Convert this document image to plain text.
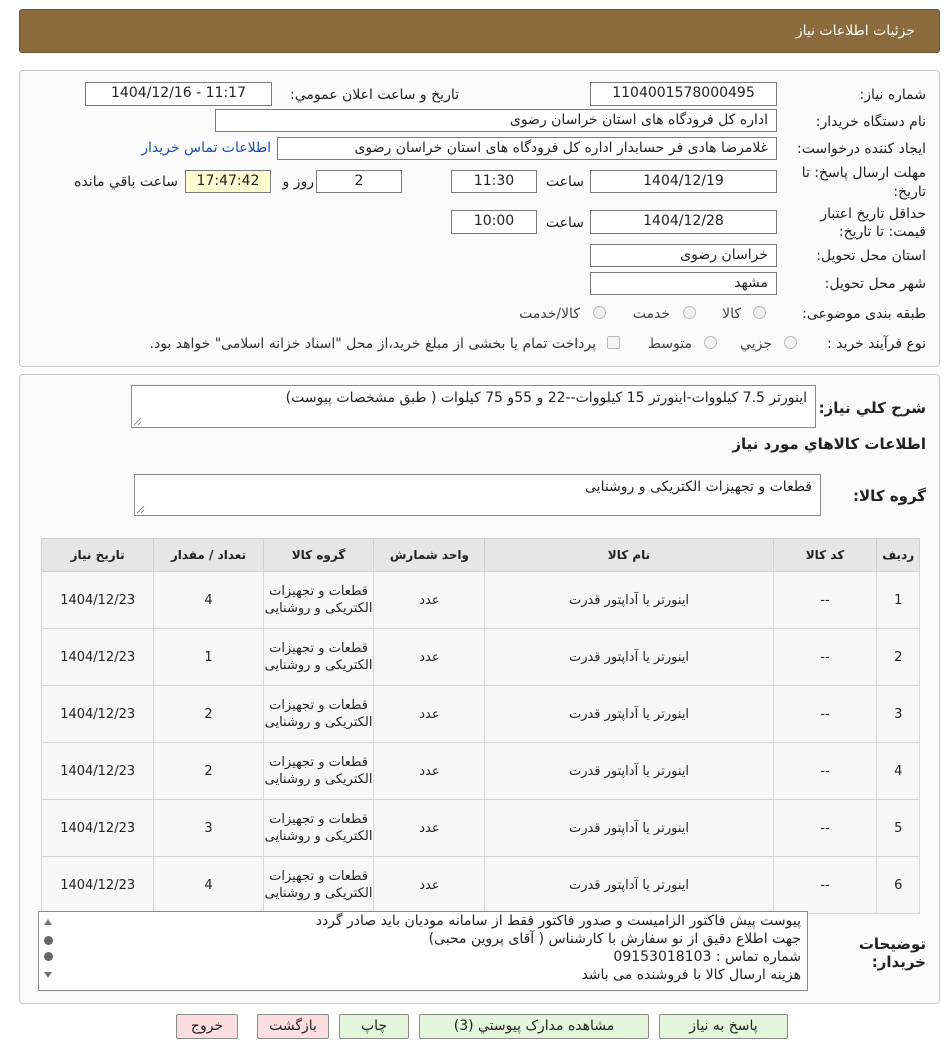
جزئيات اطلاعات نياز
شماره نياز:
1104001578000495
تاريخ و ساعت اعلان عمومي:
1404/12/16 - 11:17
نام دستگاه خريدار:
اداره کل فرودگاه های استان خراسان رضوی
ايجاد کننده درخواست:
غلامرضا هادی فر حسابدار اداره کل فرودگاه های استان خراسان رضوی
اطلاعات تماس خريدار
مهلت ارسال پاسخ: تا
تاريخ:
1404/12/19
ساعت
11:30
2
روز و
17:47:42
ساعت باقي مانده
حداقل تاريخ اعتبار
قيمت: تا تاريخ:
1404/12/28
ساعت
10:00
استان محل تحويل:
خراسان رضوی
شهر محل تحويل:
مشهد
طبقه بندی موضوعی:
کالا
خدمت
کالا/خدمت
نوع فرآيند خريد :
جزيي
متوسط
پرداخت تمام يا بخشی از مبلغ خريد،از محل "اسناد خزانه اسلامی" خواهد بود.
شرح کلي نياز:
اینورتر 7.5 کیلووات-اینورتر 15 کیلووات--22 و 55و 75 کیلوات ( طبق مشخصات پیوست)
اطلاعات کالاهاي مورد نياز
گروه کالا:
قطعات و تجهیزات الکتریکی و روشنایی
رديف	کد کالا	نام کالا	واحد شمارش	گروه کالا	تعداد / مقدار	تاريخ نياز
1	--	اینورتر یا آداپتور قدرت	عدد	قطعات و تجهیزات الکتریکی و روشنایی	4	1404/12/23
2	--	اینورتر یا آداپتور قدرت	عدد	قطعات و تجهیزات الکتریکی و روشنایی	1	1404/12/23
3	--	اینورتر یا آداپتور قدرت	عدد	قطعات و تجهیزات الکتریکی و روشنایی	2	1404/12/23
4	--	اینورتر یا آداپتور قدرت	عدد	قطعات و تجهیزات الکتریکی و روشنایی	2	1404/12/23
5	--	اینورتر یا آداپتور قدرت	عدد	قطعات و تجهیزات الکتریکی و روشنایی	3	1404/12/23
6	--	اینورتر یا آداپتور قدرت	عدد	قطعات و تجهیزات الکتریکی و روشنایی	4	1404/12/23
توضيحات
خريدار:
پیوست پیش فاکتور الزامیست و صدور فاکتور فقط از سامانه مودیان باید صادر گردد
جهت اطلاع دقیق از نو سفارش با کارشناس ( آقای پروین محبی)
شماره تماس : 09153018103
هزینه ارسال کالا با فروشنده می باشد
پاسخ به نياز
مشاهده مدارک پيوستي (3)
چاپ
بازگشت
خروج
